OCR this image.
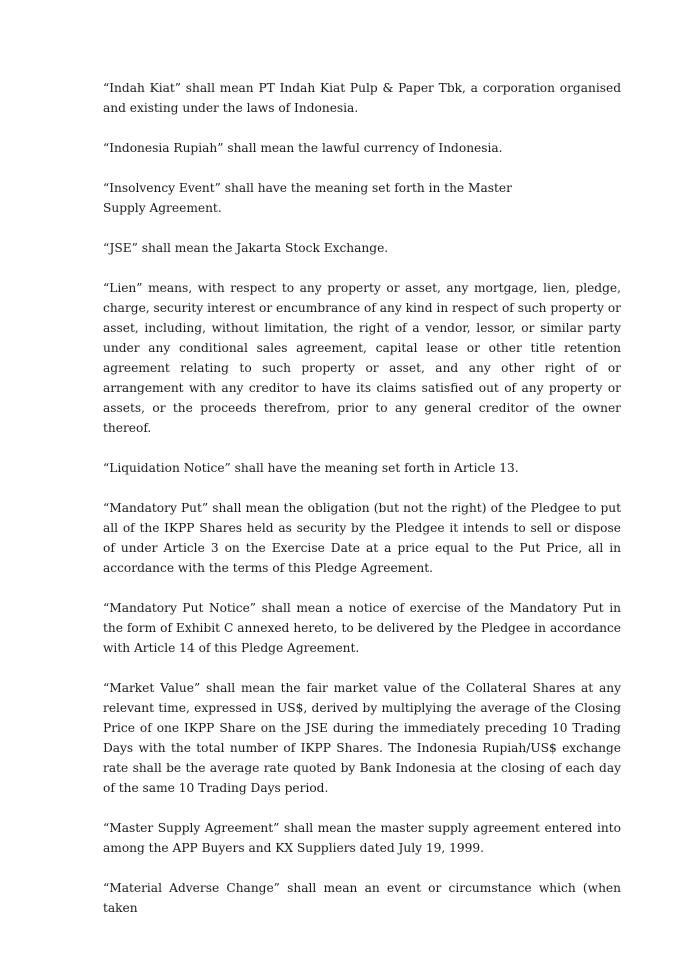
“Indah Kiat” shall mean PT Indah Kiat Pulp & Paper Tbk, a corporation organised and existing under the laws of Indonesia.

“Indonesia Rupiah” shall mean the lawful currency of Indonesia.

“Insolvency Event” shall have the meaning set forth in the Master Supply Agreement.

“JSE” shall mean the Jakarta Stock Exchange.

“Lien” means, with respect to any property or asset, any mortgage, lien, pledge, charge, security interest or encumbrance of any kind in respect of such property or asset, including, without limitation, the right of a vendor, lessor, or similar party under any conditional sales agreement, capital lease or other title retention agreement relating to such property or asset, and any other right of or arrangement with any creditor to have its claims satisfied out of any property or assets, or the proceeds therefrom, prior to any general creditor of the owner thereof.

“Liquidation Notice” shall have the meaning set forth in Article 13.

“Mandatory Put” shall mean the obligation (but not the right) of the Pledgee to put all of the IKPP Shares held as security by the Pledgee it intends to sell or dispose of under Article 3 on the Exercise Date at a price equal to the Put Price, all in accordance with the terms of this Pledge Agreement.

“Mandatory Put Notice” shall mean a notice of exercise of the Mandatory Put in the form of Exhibit C annexed hereto, to be delivered by the Pledgee in accordance with Article 14 of this Pledge Agreement.

“Market Value” shall mean the fair market value of the Collateral Shares at any relevant time, expressed in US$, derived by multiplying the average of the Closing Price of one IKPP Share on the JSE during the immediately preceding 10 Trading Days with the total number of IKPP Shares. The Indonesia Rupiah/US$ exchange rate shall be the average rate quoted by Bank Indonesia at the closing of each day of the same 10 Trading Days period.

“Master Supply Agreement” shall mean the master supply agreement entered into among the APP Buyers and KX Suppliers dated July 19, 1999.

“Material Adverse Change” shall mean an event or circumstance which (when taken
